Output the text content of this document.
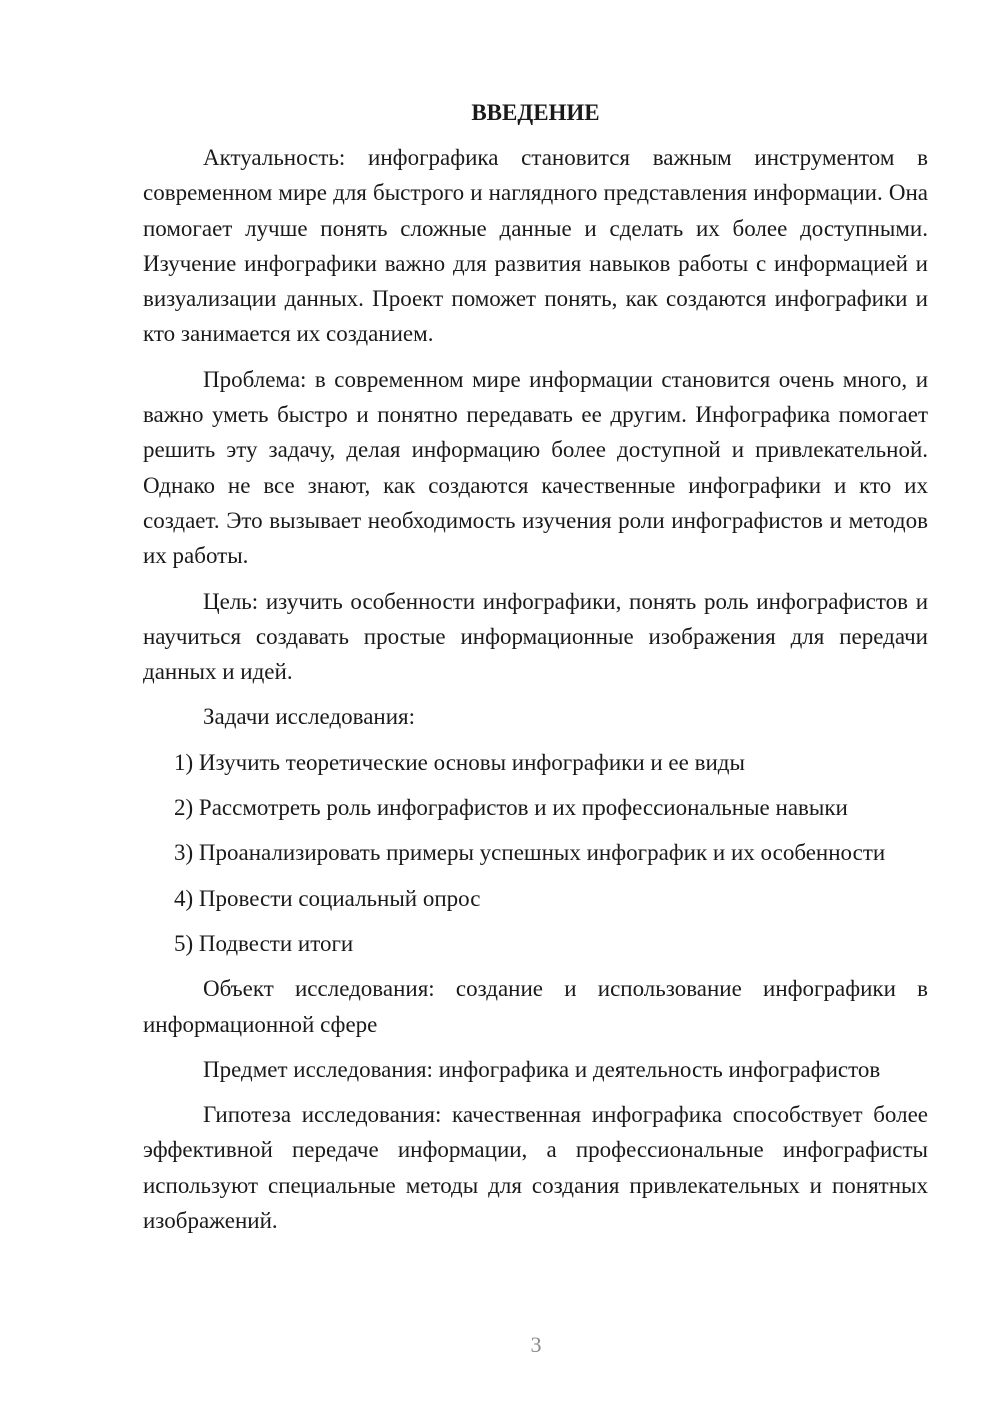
ВВЕДЕНИЕ

Актуальность: инфографика становится важным инструментом в современном мире для быстрого и наглядного представления информации. Она помогает лучше понять сложные данные и сделать их более доступными. Изучение инфографики важно для развития навыков работы с информацией и визуализации данных. Проект поможет понять, как создаются инфографики и кто занимается их созданием.

Проблема: в современном мире информации становится очень много, и важно уметь быстро и понятно передавать ее другим. Инфографика помогает решить эту задачу, делая информацию более доступной и привлекательной. Однако не все знают, как создаются качественные инфографики и кто их создает. Это вызывает необходимость изучения роли инфографистов и методов их работы.

Цель: изучить особенности инфографики, понять роль инфографистов и научиться создавать простые информационные изображения для передачи данных и идей.

Задачи исследования:

1) Изучить теоретические основы инфографики и ее виды

2) Рассмотреть роль инфографистов и их профессиональные навыки

3) Проанализировать примеры успешных инфографик и их особенности

4) Провести социальный опрос

5) Подвести итоги

Объект исследования: создание и использование инфографики в информационной сфере

Предмет исследования: инфографика и деятельность инфографистов

Гипотеза исследования: качественная инфографика способствует более эффективной передаче информации, а профессиональные инфографисты используют специальные методы для создания привлекательных и понятных изображений.

3
